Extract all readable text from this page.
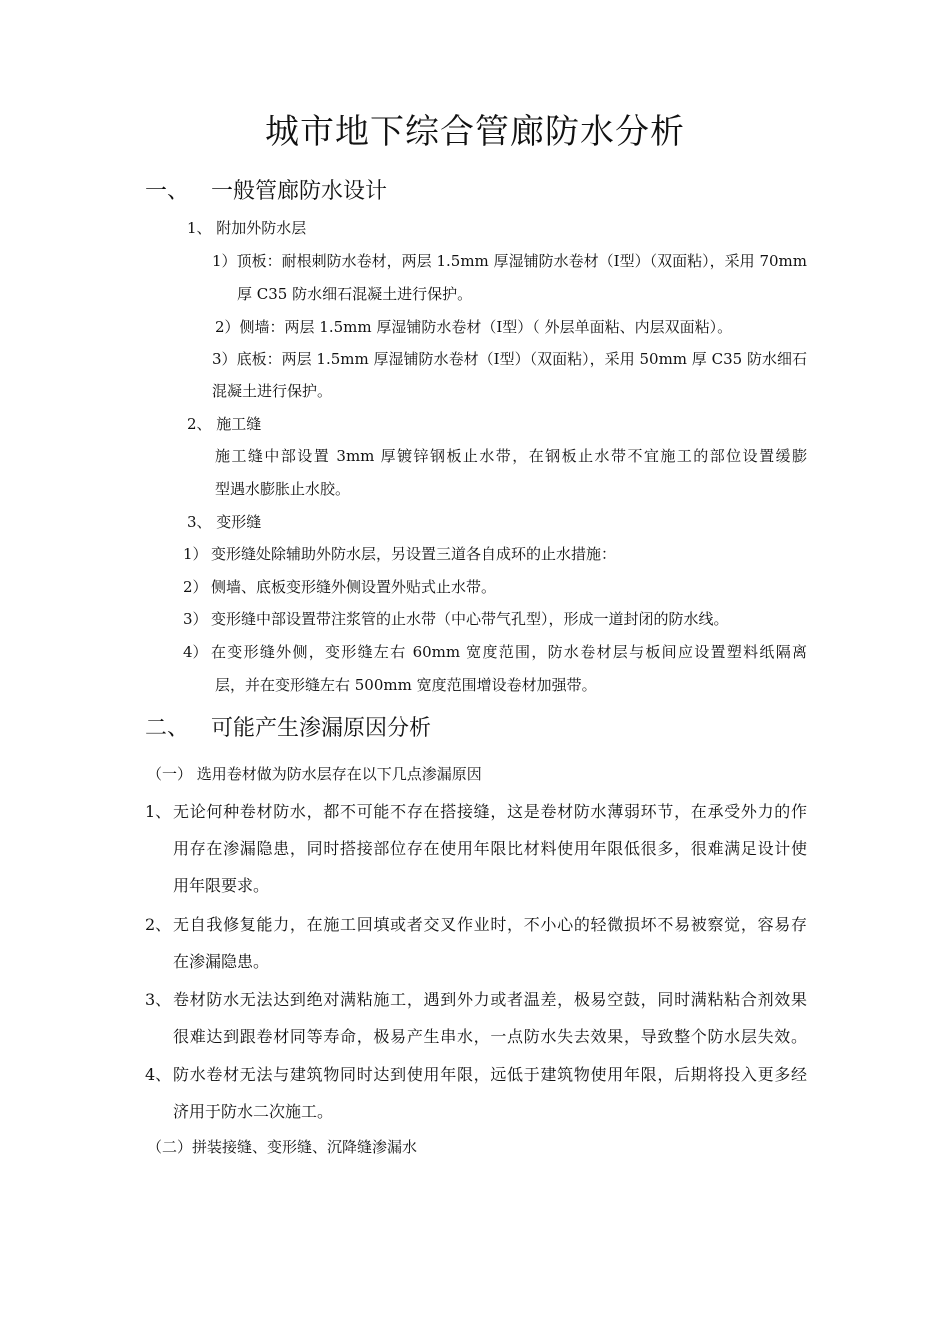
城市地下综合管廊防水分析
一、 一般管廊防水设计
1、 附加外防水层
1）顶板：耐根刺防水卷材，两层 1.5mm 厚湿铺防水卷材（Ⅰ型）（双面粘），采用 70mm
厚 C35 防水细石混凝土进行保护。
2）侧墙：两层 1.5mm 厚湿铺防水卷材（Ⅰ型）（ 外层单面粘、内层双面粘）。
3）底板：两层 1.5mm 厚湿铺防水卷材（Ⅰ型）（双面粘），采用 50mm 厚 C35 防水细石
混凝土进行保护。
2、 施工缝
施工缝中部设置 3mm 厚镀锌钢板止水带，在钢板止水带不宜施工的部位设置缓膨
型遇水膨胀止水胶。
3、 变形缝
1） 变形缝处除辅助外防水层，另设置三道各自成环的止水措施：
2） 侧墙、底板变形缝外侧设置外贴式止水带。
3） 变形缝中部设置带注浆管的止水带（中心带气孔型），形成一道封闭的防水线。
4） 在变形缝外侧，变形缝左右 60mm 宽度范围，防水卷材层与板间应设置塑料纸隔离
层，并在变形缝左右 500mm 宽度范围增设卷材加强带。
二、 可能产生渗漏原因分析
（一） 选用卷材做为防水层存在以下几点渗漏原因
1、 无论何种卷材防水，都不可能不存在搭接缝，这是卷材防水薄弱环节，在承受外力的作
用存在渗漏隐患，同时搭接部位存在使用年限比材料使用年限低很多，很难满足设计使
用年限要求。
2、 无自我修复能力，在施工回填或者交叉作业时，不小心的轻微损坏不易被察觉，容易存
在渗漏隐患。
3、 卷材防水无法达到绝对满粘施工，遇到外力或者温差，极易空鼓，同时满粘粘合剂效果
很难达到跟卷材同等寿命，极易产生串水，一点防水失去效果，导致整个防水层失效。
4、 防水卷材无法与建筑物同时达到使用年限，远低于建筑物使用年限，后期将投入更多经
济用于防水二次施工。
（二）拼装接缝、变形缝、沉降缝渗漏水
